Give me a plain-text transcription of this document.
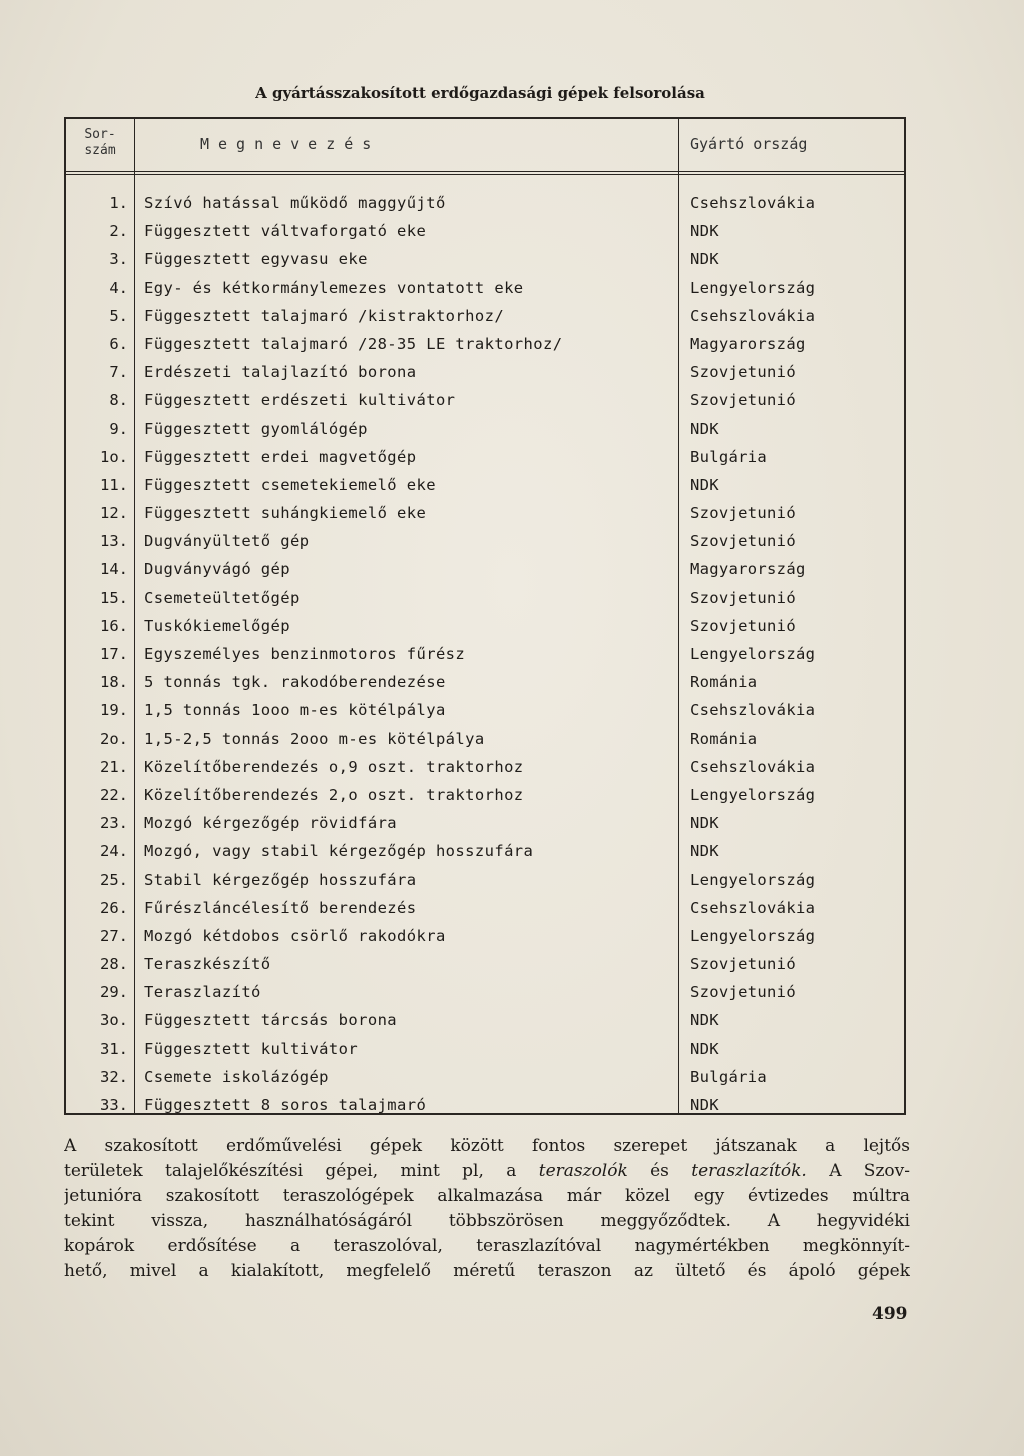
A gyártásszakosított erdőgazdasági gépek felsorolása
Sor-
szám	Megnevezés	Gyártó ország
1. Szívó hatással működő maggyűjtő	Csehszlovákia
2. Függesztett váltvaforgató eke	NDK
3. Függesztett egyvasu eke	NDK
4. Egy- és kétkormánylemezes vontatott eke	Lengyelország
5. Függesztett talajmaró /kistraktorhoz/	Csehszlovákia
6. Függesztett talajmaró /28-35 LE traktorhoz/	Magyarország
7. Erdészeti talajlazító borona	Szovjetunió
8. Függesztett erdészeti kultivátor	Szovjetunió
9. Függesztett gyomlálógép	NDK
1o. Függesztett erdei magvetőgép	Bulgária
11. Függesztett csemetekiemelő eke	NDK
12. Függesztett suhángkiemelő eke	Szovjetunió
13. Dugványültető gép	Szovjetunió
14. Dugványvágó gép	Magyarország
15. Csemeteültetőgép	Szovjetunió
16. Tuskókiemelőgép	Szovjetunió
17. Egyszemélyes benzinmotoros fűrész	Lengyelország
18. 5 tonnás tgk. rakodóberendezése	Románia
19. 1,5 tonnás 1ooo m-es kötélpálya	Csehszlovákia
2o. 1,5-2,5 tonnás 2ooo m-es kötélpálya	Románia
21. Közelítőberendezés o,9 oszt. traktorhoz	Csehszlovákia
22. Közelítőberendezés 2,o oszt. traktorhoz	Lengyelország
23. Mozgó kérgezőgép rövidfára	NDK
24. Mozgó, vagy stabil kérgezőgép hosszufára	NDK
25. Stabil kérgezőgép hosszufára	Lengyelország
26. Fűrészláncélesítő berendezés	Csehszlovákia
27. Mozgó kétdobos csörlő rakodókra	Lengyelország
28. Teraszkészítő	Szovjetunió
29. Teraszlazító	Szovjetunió
3o. Függesztett tárcsás borona	NDK
31. Függesztett kultivátor	NDK
32. Csemete iskolázógép	Bulgária
33. Függesztett 8 soros talajmaró	NDK
A szakosított erdőművelési gépek között fontos szerepet játszanak a lejtős
területek talajelőkészítési gépei, mint pl, a teraszolók és teraszlazítók. A Szov-
jetunióra szakosított teraszológépek alkalmazása már közel egy évtizedes múltra
tekint vissza, használhatóságáról többszörösen meggyőződtek. A hegyvidéki
kopárok erdősítése a teraszolóval, teraszlazítóval nagymértékben megkönnyít-
hető, mivel a kialakított, megfelelő méretű teraszon az ültető és ápoló gépek
499
